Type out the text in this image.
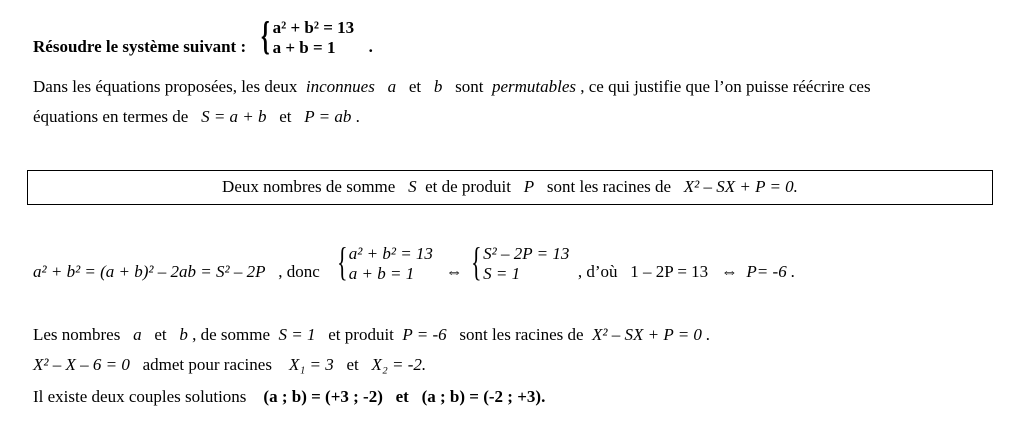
Résoudre le système suivant : { a² + b² = 13
a + b = 1	.
Dans les équations proposées, les deux inconnues a et b sont permutables , ce qui justifie que l’on puisse réécrire ces
équations en termes de S = a + b et P = ab .
Deux nombres de somme S et de produit P sont les racines de X² – SX + P = 0.
a² + b² = (a + b)² – 2ab = S² – 2P , donc { a² + b² = 13
a + b = 1	⇔ { S² – 2P = 13
S = 1	, d’où 1 – 2P = 13 ⇔ P= -6 .
Les nombres a et b , de somme S = 1 et produit P = -6 sont les racines de X² – SX + P = 0 .
X² – X – 6 = 0 admet pour racines X₁ = 3 et X₂ = -2.
Il existe deux couples solutions (a ; b) = (+3 ; -2) et (a ; b) = (-2 ; +3).
